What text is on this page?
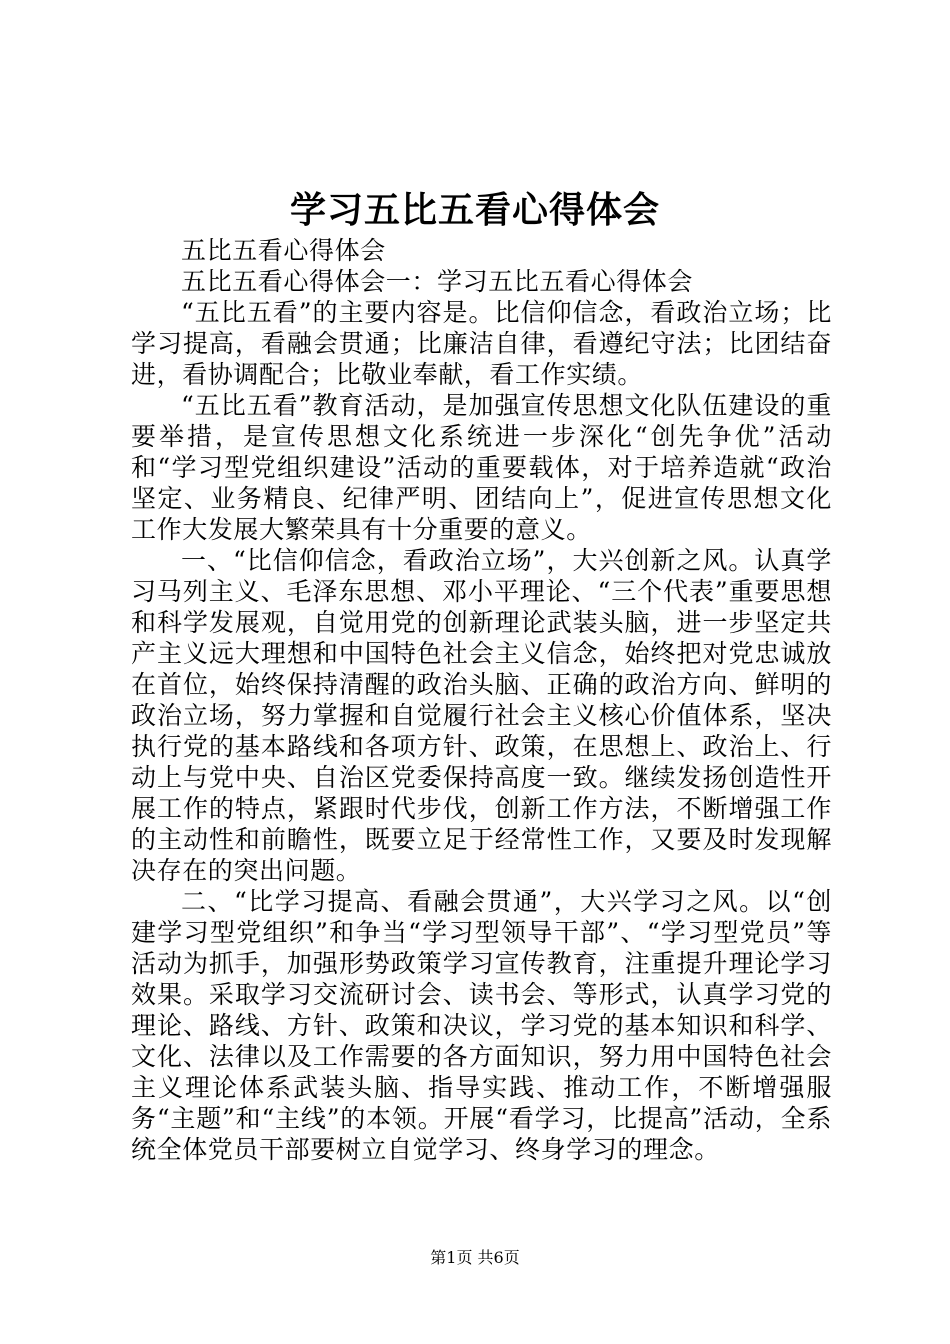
学习五比五看心得体会

五比五看心得体会

五比五看心得体会一：学习五比五看心得体会

“五比五看”的主要内容是。比信仰信念，看政治立场；比学习提高，看融会贯通；比廉洁自律，看遵纪守法；比团结奋进，看协调配合；比敬业奉献，看工作实绩。

“五比五看”教育活动，是加强宣传思想文化队伍建设的重要举措，是宣传思想文化系统进一步深化“创先争优”活动和“学习型党组织建设”活动的重要载体，对于培养造就“政治坚定、业务精良、纪律严明、团结向上”，促进宣传思想文化工作大发展大繁荣具有十分重要的意义。

一、“比信仰信念，看政治立场”，大兴创新之风。认真学习马列主义、毛泽东思想、邓小平理论、“三个代表”重要思想和科学发展观，自觉用党的创新理论武装头脑，进一步坚定共产主义远大理想和中国特色社会主义信念，始终把对党忠诚放在首位，始终保持清醒的政治头脑、正确的政治方向、鲜明的政治立场，努力掌握和自觉履行社会主义核心价值体系，坚决执行党的基本路线和各项方针、政策，在思想上、政治上、行动上与党中央、自治区党委保持高度一致。继续发扬创造性开展工作的特点，紧跟时代步伐，创新工作方法，不断增强工作的主动性和前瞻性，既要立足于经常性工作，又要及时发现解决存在的突出问题。

二、“比学习提高、看融会贯通”，大兴学习之风。以“创建学习型党组织”和争当“学习型领导干部”、“学习型党员”等活动为抓手，加强形势政策学习宣传教育，注重提升理论学习效果。采取学习交流研讨会、读书会、等形式，认真学习党的理论、路线、方针、政策和决议，学习党的基本知识和科学、文化、法律以及工作需要的各方面知识，努力用中国特色社会主义理论体系武装头脑、指导实践、推动工作，不断增强服务“主题”和“主线”的本领。开展“看学习，比提高”活动，全系统全体党员干部要树立自觉学习、终身学习的理念。

第1页 共6页
